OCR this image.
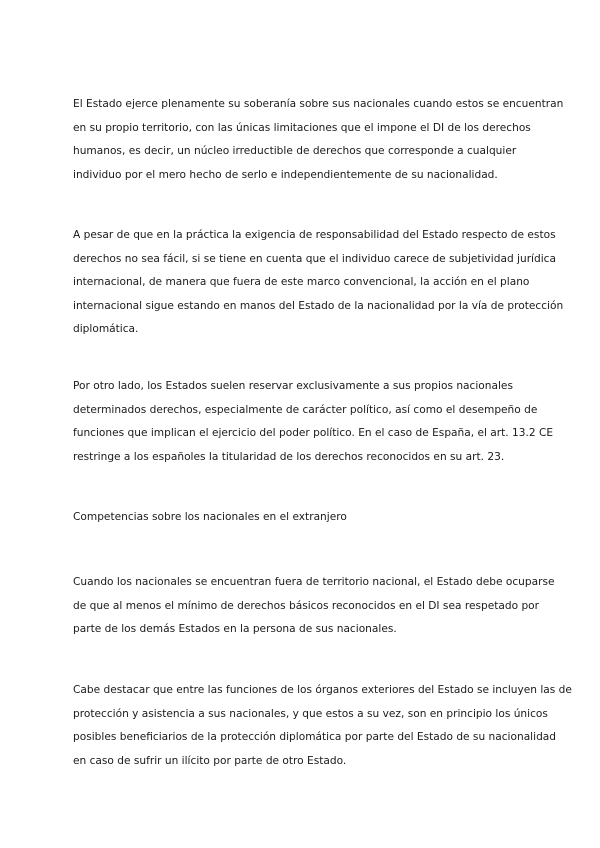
El Estado ejerce plenamente su soberanía sobre sus nacionales cuando estos se encuentran
en su propio territorio, con las únicas limitaciones que el impone el DI de los derechos
humanos, es decir, un núcleo irreductible de derechos que corresponde a cualquier
individuo por el mero hecho de serlo e independientemente de su nacionalidad.
A pesar de que en la práctica la exigencia de responsabilidad del Estado respecto de estos
derechos no sea fácil, si se tiene en cuenta que el individuo carece de subjetividad jurídica
internacional, de manera que fuera de este marco convencional, la acción en el plano
internacional sigue estando en manos del Estado de la nacionalidad por la vía de protección
diplomática.
Por otro lado, los Estados suelen reservar exclusivamente a sus propios nacionales
determinados derechos, especialmente de carácter político, así como el desempeño de
funciones que implican el ejercicio del poder político. En el caso de España, el art. 13.2 CE
restringe a los españoles la titularidad de los derechos reconocidos en su art. 23.
Competencias sobre los nacionales en el extranjero
Cuando los nacionales se encuentran fuera de territorio nacional, el Estado debe ocuparse
de que al menos el mínimo de derechos básicos reconocidos en el DI sea respetado por
parte de los demás Estados en la persona de sus nacionales.
Cabe destacar que entre las funciones de los órganos exteriores del Estado se incluyen las de
protección y asistencia a sus nacionales, y que estos a su vez, son en principio los únicos
posibles beneficiarios de la protección diplomática por parte del Estado de su nacionalidad
en caso de sufrir un ilícito por parte de otro Estado.
